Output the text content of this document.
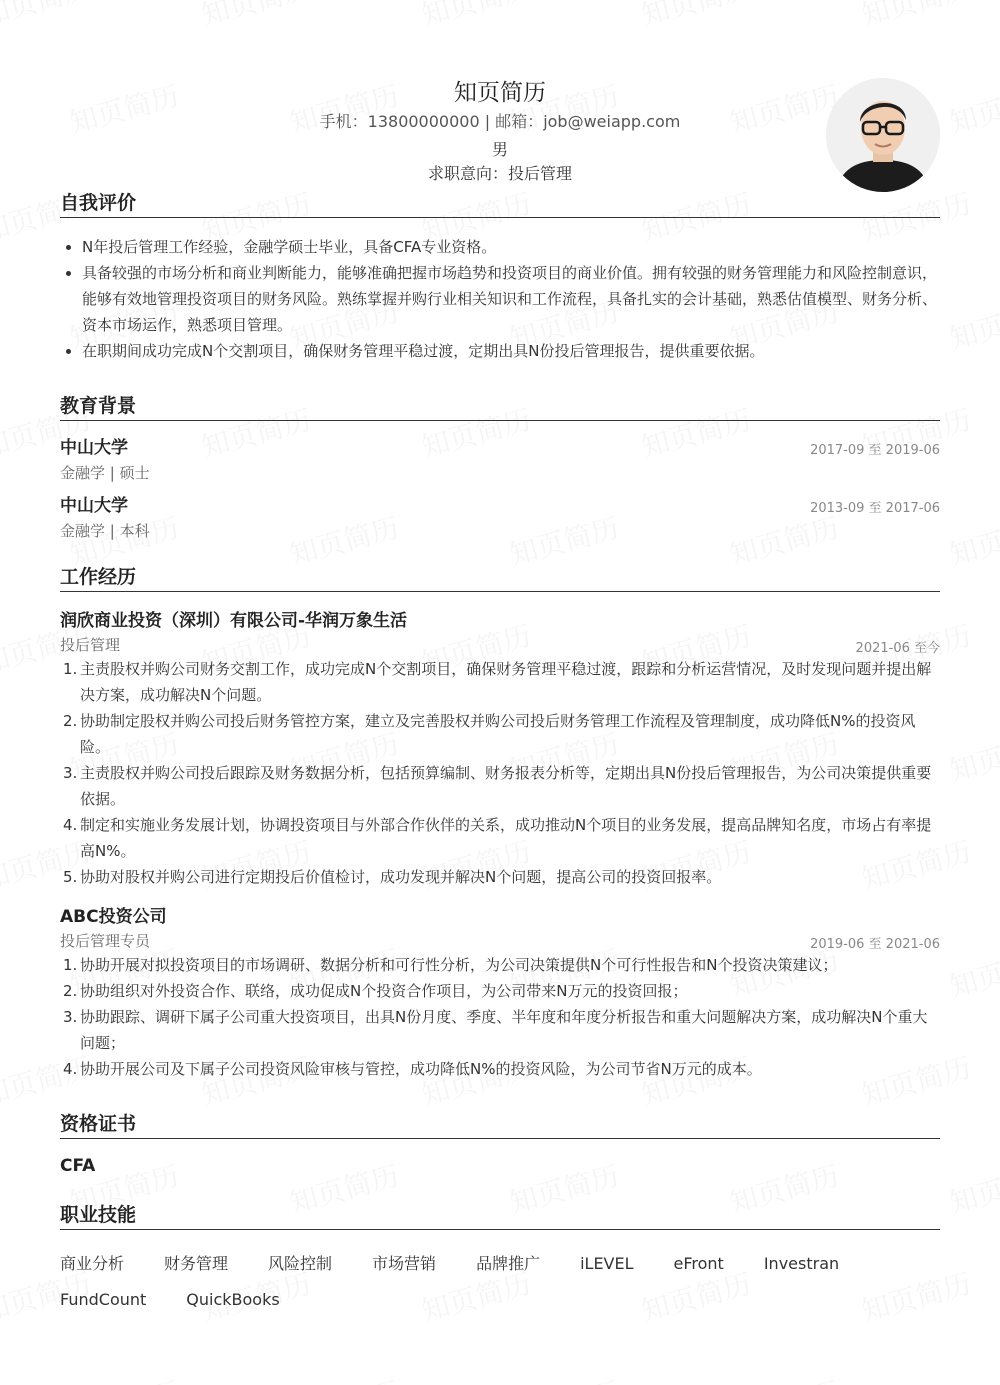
知页简历
手机：13800000000 | 邮箱：job@weiapp.com
男
求职意向：投后管理
自我评价
N年投后管理工作经验，金融学硕士毕业，具备CFA专业资格。
具备较强的市场分析和商业判断能力，能够准确把握市场趋势和投资项目的商业价值。拥有较强的财务管理能力和风险控制意识，能够有效地管理投资项目的财务风险。熟练掌握并购行业相关知识和工作流程，具备扎实的会计基础，熟悉估值模型、财务分析、资本市场运作，熟悉项目管理。
在职期间成功完成N个交割项目，确保财务管理平稳过渡，定期出具N份投后管理报告，提供重要依据。
教育背景
2017-09 至 2019-06
中山大学
金融学 | 硕士
2013-09 至 2017-06
中山大学
金融学 | 本科
工作经历
润欣商业投资（深圳）有限公司-华润万象生活
投后管理	2021-06 至今
1. 主责股权并购公司财务交割工作，成功完成N个交割项目，确保财务管理平稳过渡，跟踪和分析运营情况，及时发现问题并提出解决方案，成功解决N个问题。
2. 协助制定股权并购公司投后财务管控方案，建立及完善股权并购公司投后财务管理工作流程及管理制度，成功降低N%的投资风险。
3. 主责股权并购公司投后跟踪及财务数据分析，包括预算编制、财务报表分析等，定期出具N份投后管理报告，为公司决策提供重要依据。
4. 制定和实施业务发展计划，协调投资项目与外部合作伙伴的关系，成功推动N个项目的业务发展，提高品牌知名度，市场占有率提高N%。
5. 协助对股权并购公司进行定期投后价值检讨，成功发现并解决N个问题，提高公司的投资回报率。
ABC投资公司
投后管理专员	2019-06 至 2021-06
1. 协助开展对拟投资项目的市场调研、数据分析和可行性分析，为公司决策提供N个可行性报告和N个投资决策建议；
2. 协助组织对外投资合作、联络，成功促成N个投资合作项目，为公司带来N万元的投资回报；
3. 协助跟踪、调研下属子公司重大投资项目，出具N份月度、季度、半年度和年度分析报告和重大问题解决方案，成功解决N个重大问题；
4. 协助开展公司及下属子公司投资风险审核与管控，成功降低N%的投资风险，为公司节省N万元的成本。
资格证书
CFA
职业技能
商业分析	财务管理	风险控制	市场营销	品牌推广	iLEVEL	eFront	Investran
FundCount	QuickBooks
